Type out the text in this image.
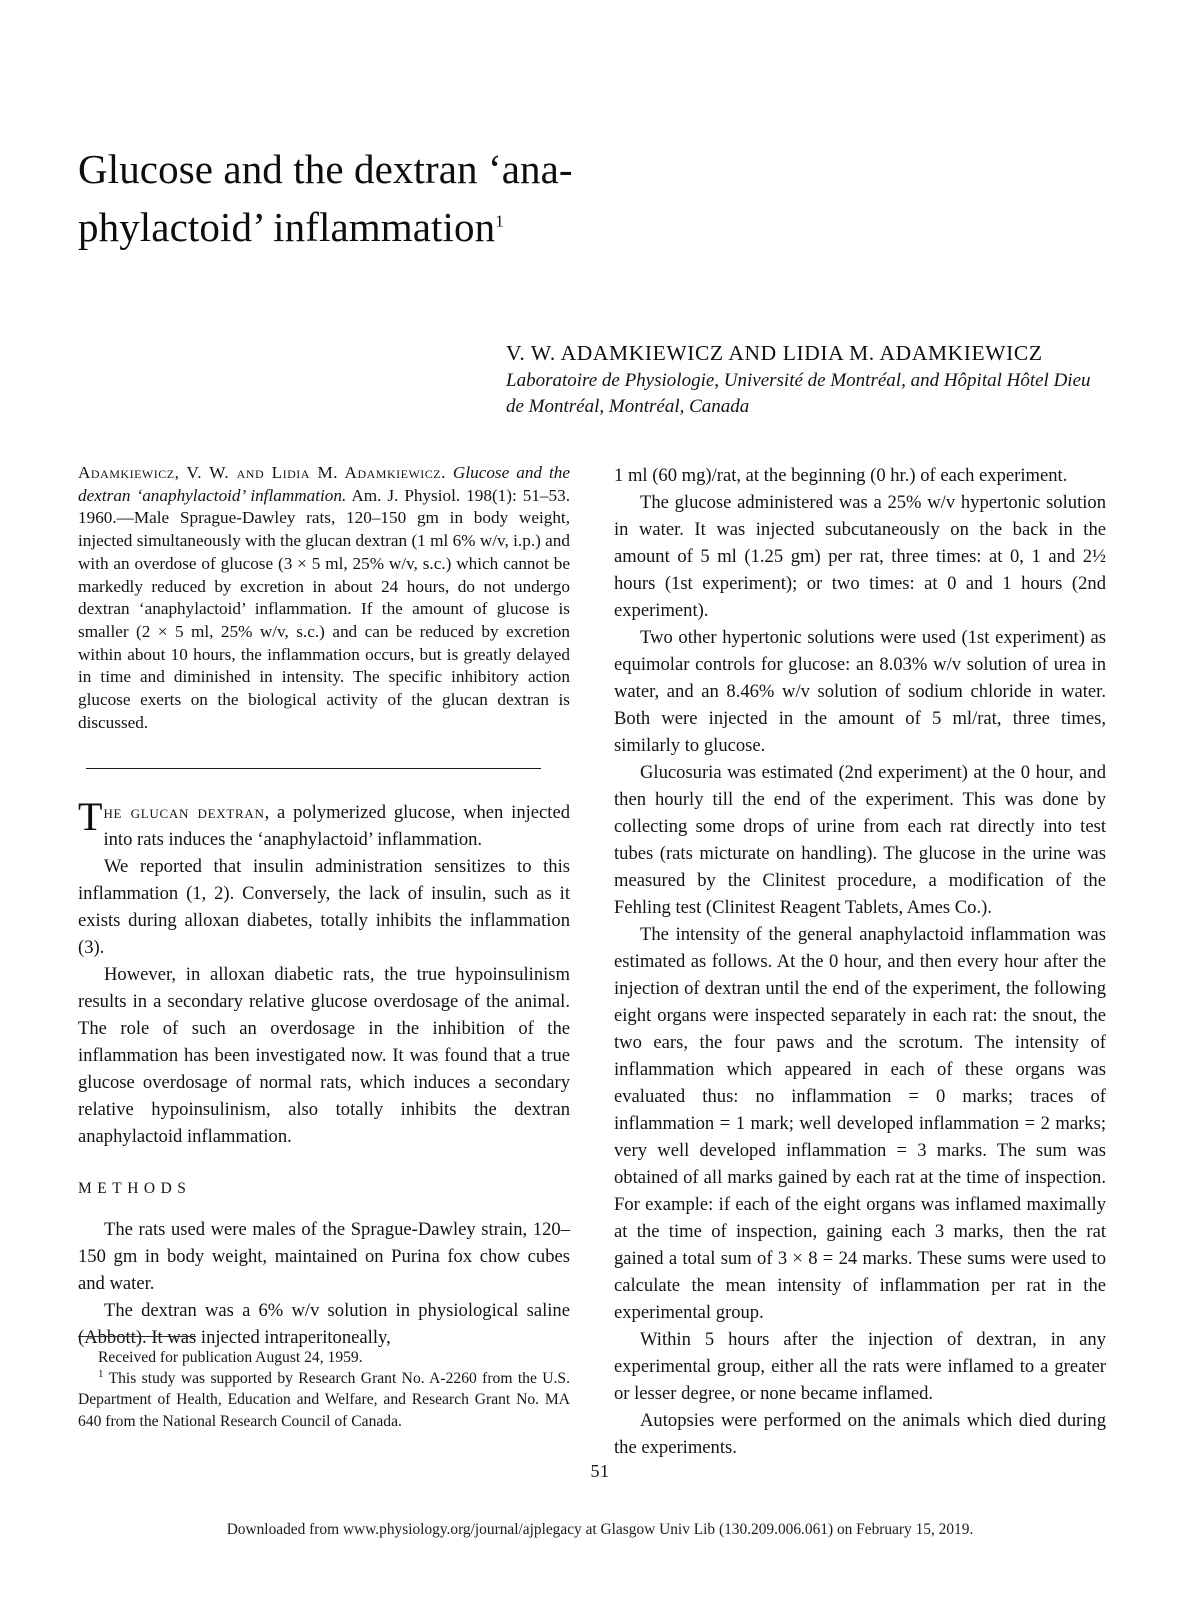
Glucose and the dextran ‘ana-
phylactoid’ inflammation$^1$
V. W. ADAMKIEWICZ AND LIDIA M. ADAMKIEWICZ
Laboratoire de Physiologie, Université de Montréal, and Hôpital Hôtel Dieu
de Montréal, Montréal, Canada
Adamkiewicz, V. W. and Lidia M. Adamkiewicz. Glucose and the dextran ‘anaphylactoid’ inflammation. Am. J. Physiol. 198(1): 51–53. 1960.—Male Sprague-Dawley rats, 120–150 gm in body weight, injected simultaneously with the glucan dextran (1 ml 6% w/v, i.p.) and with an overdose of glucose (3 × 5 ml, 25% w/v, s.c.) which cannot be markedly reduced by excretion in about 24 hours, do not undergo dextran ‘anaphylactoid’ inflammation. If the amount of glucose is smaller (2 × 5 ml, 25% w/v, s.c.) and can be reduced by excretion within about 10 hours, the inflammation occurs, but is greatly delayed in time and diminished in intensity. The specific inhibitory action glucose exerts on the biological activity of the glucan dextran is discussed.

The glucan dextran, a polymerized glucose, when injected into rats induces the ‘anaphylactoid’ inflammation.

We reported that insulin administration sensitizes to this inflammation (1, 2). Conversely, the lack of insulin, such as it exists during alloxan diabetes, totally inhibits the inflammation (3).

However, in alloxan diabetic rats, the true hypoinsulinism results in a secondary relative glucose overdosage of the animal. The role of such an overdosage in the inhibition of the inflammation has been investigated now. It was found that a true glucose overdosage of normal rats, which induces a secondary relative hypoinsulinism, also totally inhibits the dextran anaphylactoid inflammation.

METHODS

The rats used were males of the Sprague-Dawley strain, 120–150 gm in body weight, maintained on Purina fox chow cubes and water.

The dextran was a 6% w/v solution in physiological saline (Abbott). It was injected intraperitoneally,

1 ml (60 mg)/rat, at the beginning (0 hr.) of each experiment.

The glucose administered was a 25% w/v hypertonic solution in water. It was injected subcutaneously on the back in the amount of 5 ml (1.25 gm) per rat, three times: at 0, 1 and 2½ hours (1st experiment); or two times: at 0 and 1 hours (2nd experiment).

Two other hypertonic solutions were used (1st experiment) as equimolar controls for glucose: an 8.03% w/v solution of urea in water, and an 8.46% w/v solution of sodium chloride in water. Both were injected in the amount of 5 ml/rat, three times, similarly to glucose.

Glucosuria was estimated (2nd experiment) at the 0 hour, and then hourly till the end of the experiment. This was done by collecting some drops of urine from each rat directly into test tubes (rats micturate on handling). The glucose in the urine was measured by the Clinitest procedure, a modification of the Fehling test (Clinitest Reagent Tablets, Ames Co.).

The intensity of the general anaphylactoid inflammation was estimated as follows. At the 0 hour, and then every hour after the injection of dextran until the end of the experiment, the following eight organs were inspected separately in each rat: the snout, the two ears, the four paws and the scrotum. The intensity of inflammation which appeared in each of these organs was evaluated thus: no inflammation = 0 marks; traces of inflammation = 1 mark; well developed inflammation = 2 marks; very well developed inflammation = 3 marks. The sum was obtained of all marks gained by each rat at the time of inspection. For example: if each of the eight organs was inflamed maximally at the time of inspection, gaining each 3 marks, then the rat gained a total sum of 3 × 8 = 24 marks. These sums were used to calculate the mean intensity of inflammation per rat in the experimental group.

Within 5 hours after the injection of dextran, in any experimental group, either all the rats were inflamed to a greater or lesser degree, or none became inflamed.

Autopsies were performed on the animals which died during the experiments.

Received for publication August 24, 1959.

$^1$ This study was supported by Research Grant No. A-2260 from the U.S. Department of Health, Education and Welfare, and Research Grant No. MA 640 from the National Research Council of Canada.

51
Downloaded from www.physiology.org/journal/ajplegacy at Glasgow Univ Lib (130.209.006.061) on February 15, 2019.
